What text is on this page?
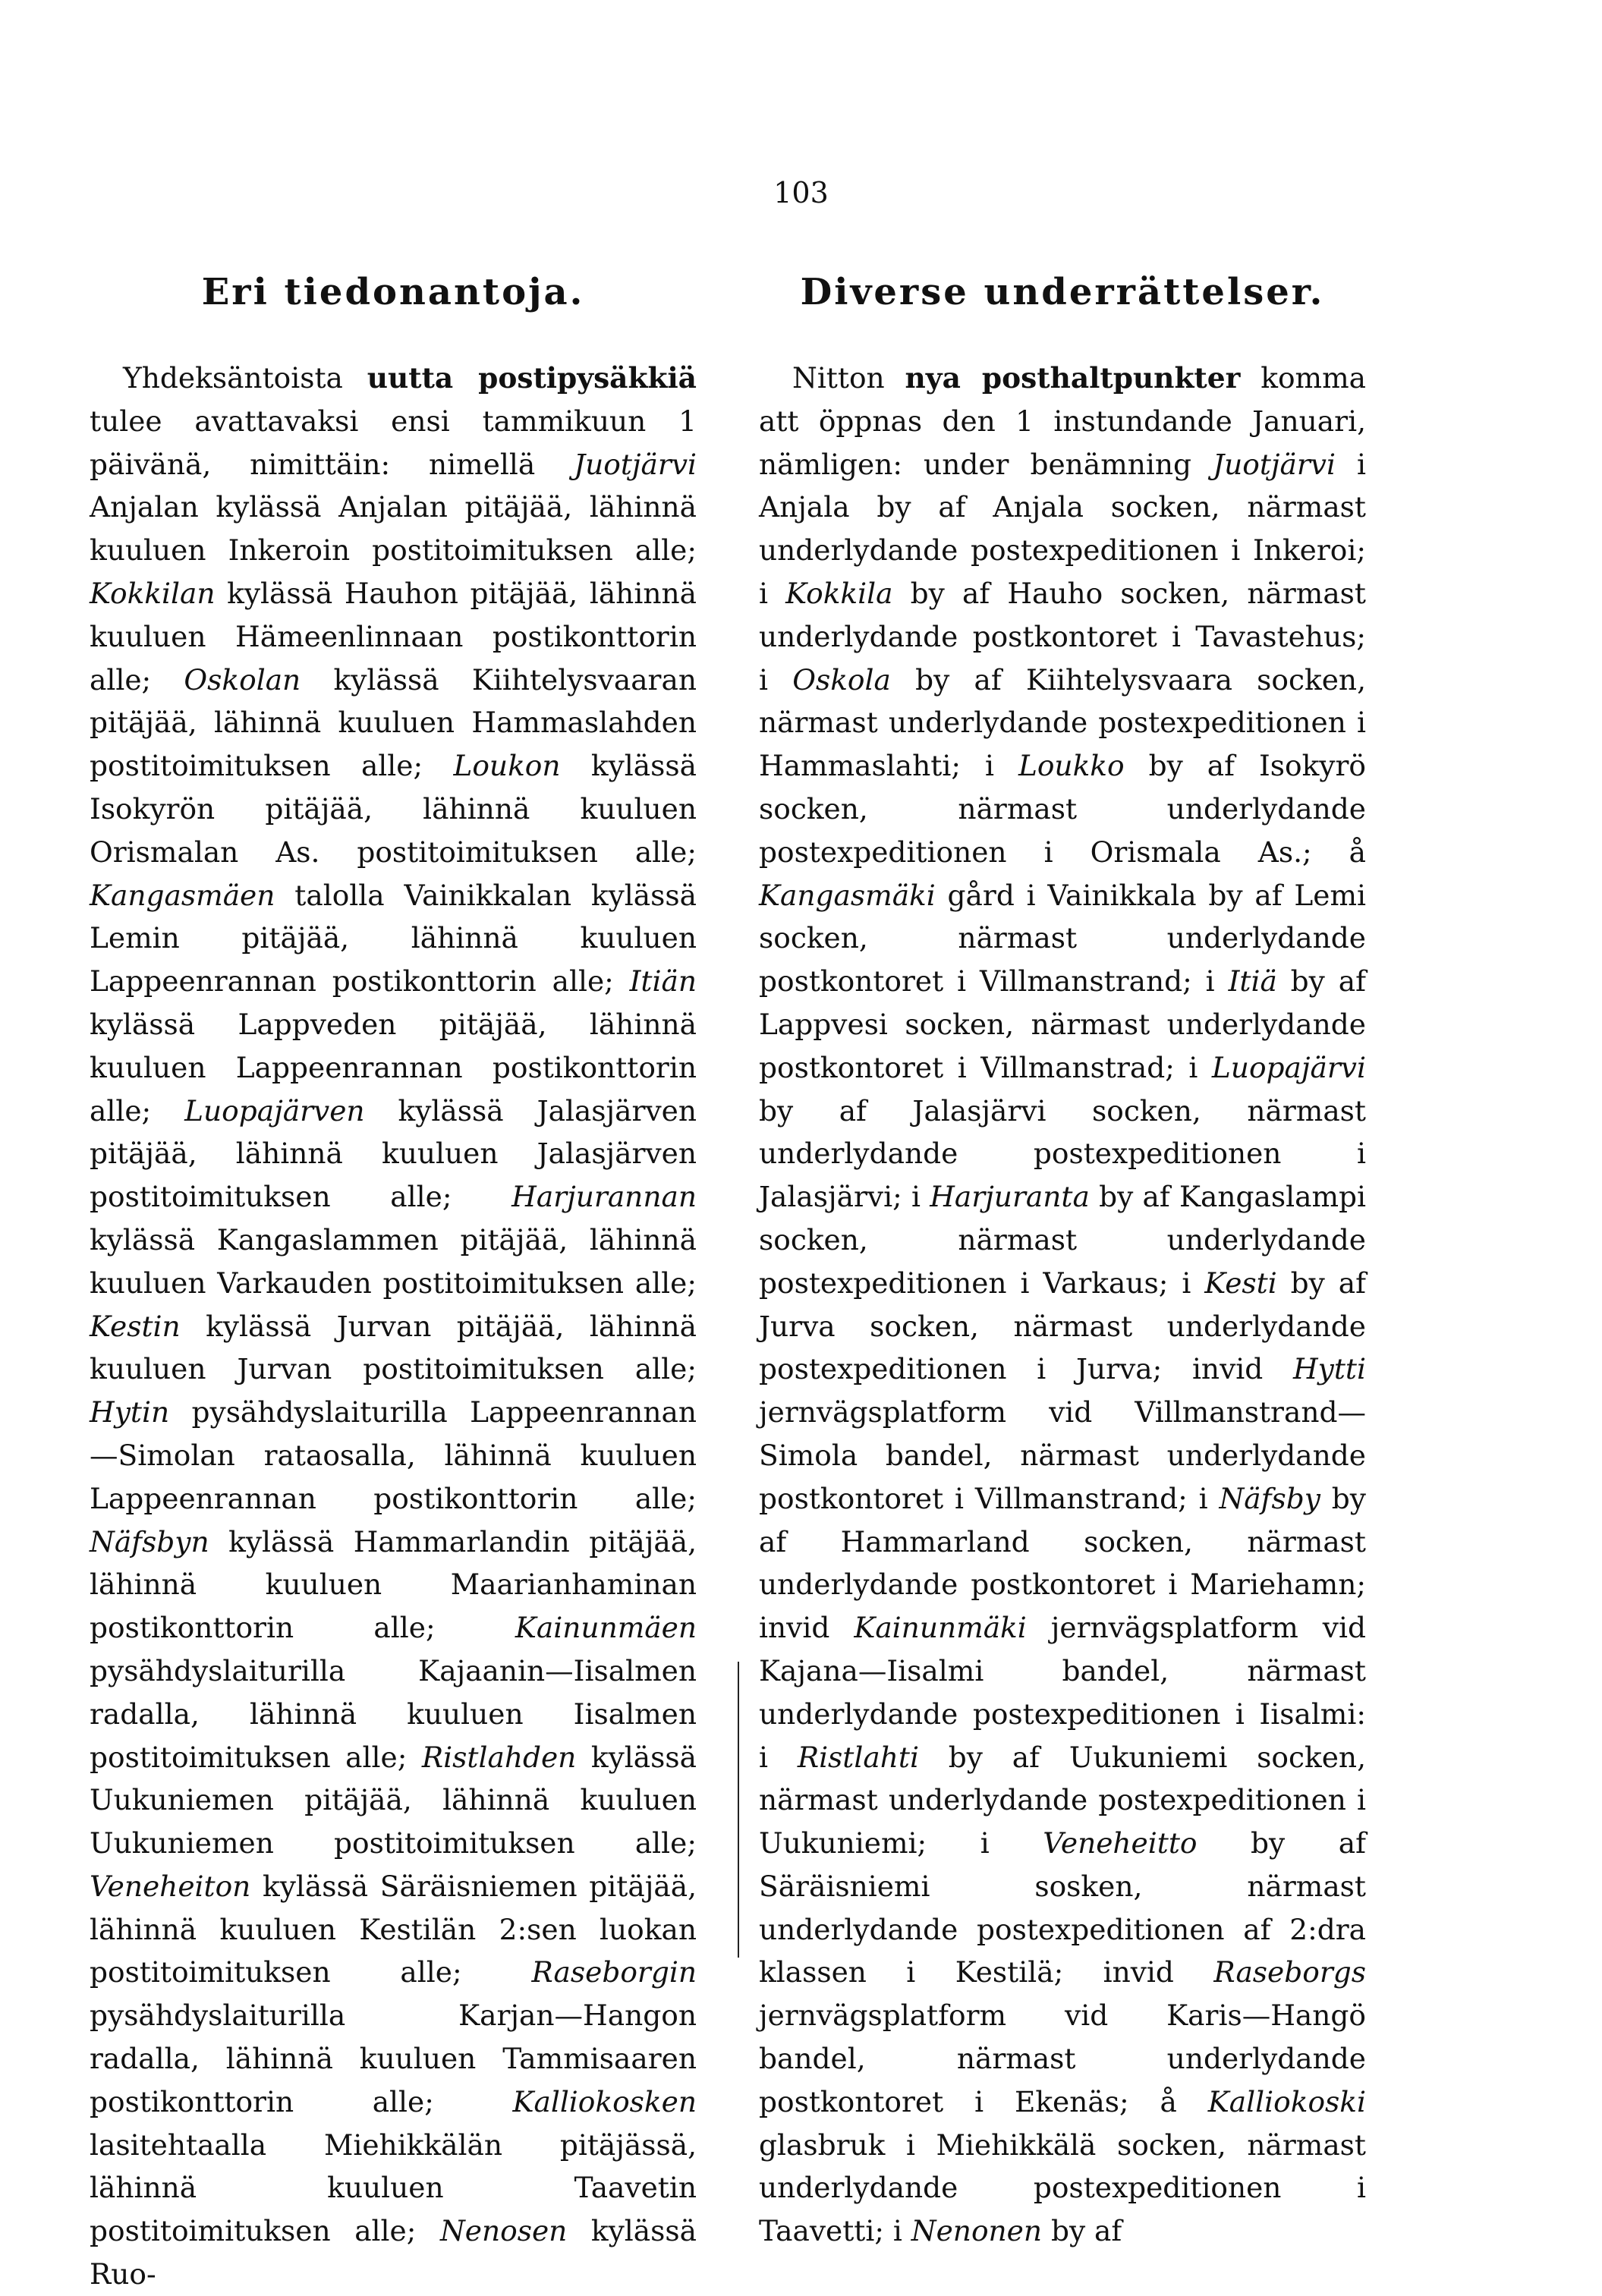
103
Eri tiedonantoja.

Yhdeksäntoista uutta postipysäkkiä tulee avattavaksi ensi tammikuun 1 päivänä, nimittäin: nimellä Juotjärvi Anjalan kylässä Anjalan pitäjää, lähinnä kuuluen Inkeroin postitoimituksen alle; Kokkilan kylässä Hauhon pitäjää, lähinnä kuuluen Hämeenlinnaan postikonttorin alle; Oskolan kylässä Kiihtelysvaaran pitäjää, lähinnä kuuluen Hammaslahden postitoimituksen alle; Loukon kylässä Isokyrön pitäjää, lähinnä kuuluen Orismalan As. postitoimituksen alle; Kangasmäen talolla Vainikkalan kylässä Lemin pitäjää, lähinnä kuuluen Lappeenrannan postikonttorin alle; Itiän kylässä Lappveden pitäjää, lähinnä kuuluen Lappeenrannan postikonttorin alle; Luopajärven kylässä Jalasjärven pitäjää, lähinnä kuuluen Jalasjärven postitoimituksen alle; Harjurannan kylässä Kangaslammen pitäjää, lähinnä kuuluen Varkauden postitoimituksen alle; Kestin kylässä Jurvan pitäjää, lähinnä kuuluen Jurvan postitoimituksen alle; Hytin pysähdyslaiturilla Lappeenrannan—Simolan rataosalla, lähinnä kuuluen Lappeenrannan postikonttorin alle; Näfsbyn kylässä Hammarlandin pitäjää, lähinnä kuuluen Maarianhaminan postikonttorin alle; Kainunmäen pysähdyslaiturilla Kajaanin—Iisalmen radalla, lähinnä kuuluen Iisalmen postitoimituksen alle; Ristlahden kylässä Uukuniemen pitäjää, lähinnä kuuluen Uukuniemen postitoimituksen alle; Veneheiton kylässä Säräisniemen pitäjää, lähinnä kuuluen Kestilän 2:sen luokan postitoimituksen alle; Raseborgin pysähdyslaiturilla Karjan—Hangon radalla, lähinnä kuuluen Tammisaaren postikonttorin alle; Kalliokosken lasitehtaalla Miehikkälän pitäjässä, lähinnä kuuluen Taavetin postitoimituksen alle; Nenosen kylässä Ruo-

Diverse underrättelser.

Nitton nya posthaltpunkter komma att öppnas den 1 instundande Januari, nämligen: under benämning Juotjärvi i Anjala by af Anjala socken, närmast underlydande postexpeditionen i Inkeroi; i Kokkila by af Hauho socken, närmast underlydande postkontoret i Tavastehus; i Oskola by af Kiihtelysvaara socken, närmast underlydande postexpeditionen i Hammaslahti; i Loukko by af Isokyrö socken, närmast underlydande postexpeditionen i Orismala As.; å Kangasmäki gård i Vainikkala by af Lemi socken, närmast underlydande postkontoret i Villmanstrand; i Itiä by af Lappvesi socken, närmast underlydande postkontoret i Villmanstrad; i Luopajärvi by af Jalasjärvi socken, närmast underlydande postexpeditionen i Jalasjärvi; i Harjuranta by af Kangaslampi socken, närmast underlydande postexpeditionen i Varkaus; i Kesti by af Jurva socken, närmast underlydande postexpeditionen i Jurva; invid Hytti jernvägsplatform vid Villmanstrand—Simola bandel, närmast underlydande postkontoret i Villmanstrand; i Näfsby by af Hammarland socken, närmast underlydande postkontoret i Mariehamn; invid Kainunmäki jernvägsplatform vid Kajana—Iisalmi bandel, närmast underlydande postexpeditionen i Iisalmi: i Ristlahti by af Uukuniemi socken, närmast underlydande postexpeditionen i Uukuniemi; i Veneheitto by af Säräisniemi sosken, närmast underlydande postexpeditionen af 2:dra klassen i Kestilä; invid Raseborgs jernvägsplatform vid Karis—Hangö bandel, närmast underlydande postkontoret i Ekenäs; å Kalliokoski glasbruk i Miehikkälä socken, närmast underlydande postexpeditionen i Taavetti; i Nenonen by af
